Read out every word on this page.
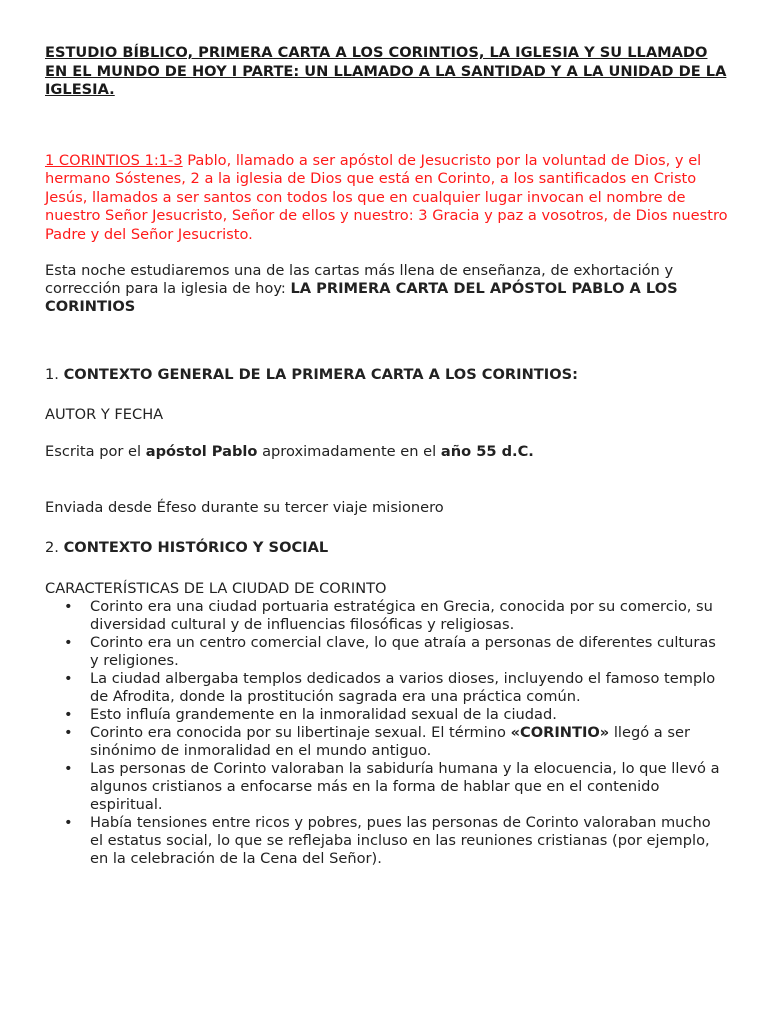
ESTUDIO BÍBLICO, PRIMERA CARTA A LOS CORINTIOS, LA IGLESIA Y SU LLAMADO EN EL MUNDO DE HOY I PARTE: UN LLAMADO A LA SANTIDAD Y A LA UNIDAD DE LA IGLESIA.

1 CORINTIOS 1:1-3 Pablo, llamado a ser apóstol de Jesucristo por la voluntad de Dios, y el hermano Sóstenes, 2 a la iglesia de Dios que está en Corinto, a los santificados en Cristo Jesús, llamados a ser santos con todos los que en cualquier lugar invocan el nombre de nuestro Señor Jesucristo, Señor de ellos y nuestro: 3 Gracia y paz a vosotros, de Dios nuestro Padre y del Señor Jesucristo.

Esta noche estudiaremos una de las cartas más llena de enseñanza, de exhortación y corrección para la iglesia de hoy: LA PRIMERA CARTA DEL APÓSTOL PABLO A LOS CORINTIOS

1. CONTEXTO GENERAL DE LA PRIMERA CARTA A LOS CORINTIOS:

AUTOR Y FECHA

Escrita por el apóstol Pablo aproximadamente en el año 55 d.C.

Enviada desde Éfeso durante su tercer viaje misionero

2. CONTEXTO HISTÓRICO Y SOCIAL

CARACTERÍSTICAS DE LA CIUDAD DE CORINTO

• Corinto era una ciudad portuaria estratégica en Grecia, conocida por su comercio, su diversidad cultural y de influencias filosóficas y religiosas.
• Corinto era un centro comercial clave, lo que atraía a personas de diferentes culturas y religiones.
• La ciudad albergaba templos dedicados a varios dioses, incluyendo el famoso templo de Afrodita, donde la prostitución sagrada era una práctica común.
• Esto influía grandemente en la inmoralidad sexual de la ciudad.
• Corinto era conocida por su libertinaje sexual. El término «CORINTIO» llegó a ser sinónimo de inmoralidad en el mundo antiguo.
• Las personas de Corinto valoraban la sabiduría humana y la elocuencia, lo que llevó a algunos cristianos a enfocarse más en la forma de hablar que en el contenido espiritual.
• Había tensiones entre ricos y pobres, pues las personas de Corinto valoraban mucho el estatus social, lo que se reflejaba incluso en las reuniones cristianas (por ejemplo, en la celebración de la Cena del Señor).
